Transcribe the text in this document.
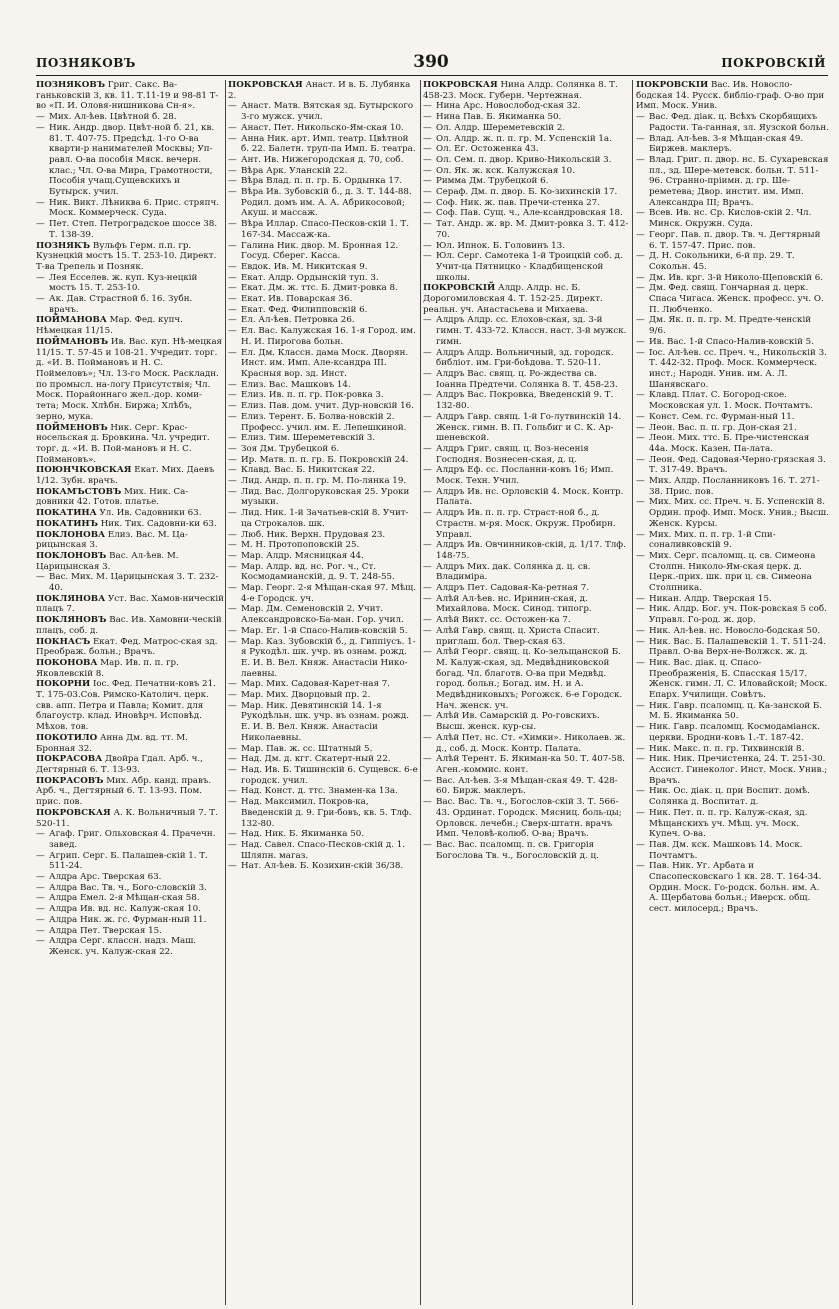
ПОЗНЯКОВЪ	390	ПОКРОВСКІЙ

ПОЗНЯКОВЪ Григ. Сакс. Ва-ганьковскій 3, кв. 11. Т.11-19 и 98-81 Т-во «П. И. Оловя-нишникова Сн-я».

— Мих. Ал-ѣев. Цвѣтной б. 28.

— Ник. Андр. двор. Цвѣт-ной б. 21, кв. 81. Т. 407-75. Предсѣд. 1-го О-ва кварти-р нанимателей Москвы; Уп-равл. О-ва пособія Мяск. вечерн. клас.; Чл. О-ва Мира, Грамотности, Пособія учащ.Сущевскихъ и Бутырск. учил.

— Ник. Викт. Лѣниква 6. Прис. стряпч. Моск. Коммерческ. Суда.

— Пет. Степ. Петроградское шоссе 38. Т. 138-39.

ПОЗНЯКЪ Вульфъ Герм. п.п. гр. Кузнецкій мостъ 15. Т. 253-10. Директ. Т-ва Трепель и Позняк.

— Лея Есселев. ж. куп. Куз-нецкій мостъ 15. Т. 253-10.

— Ак. Дав. Страстной б. 16. Зубн. врачъ.

ПОЙМАНОВА Мар. Фед. купч. Нѣмецкая 11/15.

ПОЙМАНОВЪ Ив. Вас. куп. Нѣ-мецкая 11/15. Т. 57-45 и 108-21. Учредит. торг. д. «И. В. Поймановъ и Н. С. Поймеловъ»; Чл. 13-го Моск. Раскладн. по промысл. на-логу Присутствія; Чл. Моск. Порайоннаго жел.-дор. коми-тета; Моск. Хлѣбн. Биржа; Хлѣбъ, зерно, мука.

ПОЙМЕНОВЪ Ник. Серг. Крас-носельская д. Бровкина. Чл. учредит. торг. д. «И. В. Пой-мановъ и Н. С. Поймановъ».

ПОЮНЧКОВСКАЯ Екат. Мих. Даевъ 1/12. Зубн. врачъ.

ПОКАМЪСТОВЪ Мих. Ник. Са-довники 42. Готов. платье.

ПОКАТИНА Ул. Ив. Садовники 63.

ПОКАТИНЪ Ник. Тих. Садовни-ки 63.

ПОКЛОНОВА Елиз. Вас. М. Ца-рицынская 3.

ПОКЛОНОВЪ Вас. Ал-ѣев. М. Царицынская 3.

— Вас. Мих. М. Царицынская 3. Т. 232-40.

ПОКЛЯНОВА Уст. Вас. Хамов-ническій плацъ 7.

ПОКЛЯНОВЪ Вас. Ив. Хамовни-ческій плацъ, соб. д.

ПОКНАСЪ Екат. Фед. Матрос-ская зд. Преображ. больн.; Врачъ.

ПОКОНОВА Мар. Ив. п. п. гр. Яковлевскій 8.

ПОКОРНИ Іос. Фед. Печатни-ковъ 21. Т. 175-03.Сов. Римско-Католич. церк. свв. апп. Петра и Павла; Комит. для благоустр. клад. Иновѣрч. Исповѣд. Мѣхов. тов.

ПОКОТИЛО Анна Дм. вд. тт. М. Бронная 32.

ПОКРАСОВА Двойра Гдал. Арб. ч., Дегтярный 6. Т. 13-93.

ПОКРАСОВЪ Мих. Абр. канд. правъ. Арб. ч., Дегтярный 6. Т. 13-93. Пом. прис. пов.

ПОКРОВСКАЯ А. К. Вольничный 7. Т. 520-11.

— Агаф. Григ. Ольховская 4. Прачечн. завед.

— Агрип. Серг. Б. Палашев-скій 1. Т. 511-24.

— Алдра Арс. Тверская 63.

— Алдра Вас. Тв. ч., Бого-словскій 3.

— Алдра Емел. 2-я Мѣщан-ская 58.

— Алдра Ив. вд. нс. Калуж-ская 10.

— Алдра Ник. ж. гс. Фурман-ный 11.

— Алдра Пет. Тверская 15.

— Алдра Серг. классн. надз. Маш. Женск. уч. Калуж-ская 22.

ПОКРОВСКАЯ Анаст. И в. Б. Лубянка 2.

— Анаст. Матв. Вятская зд. Бутырского 3-го мужск. учил.

— Анаст. Пет. Никольско-Ям-ская 10.

— Анна Ник. арт. Имп. театр. Цвѣтной б. 22. Балетн. труп-па Имп. Б. театра.

— Ант. Ив. Нижегородская д. 70, соб.

— Вѣра Арк. Уланскій 22.

— Вѣра Влад. п. п. гр. Б. Ордынка 17.

— Вѣра Ив. Зубовскій б., д. 3. Т. 144-88. Родил. домъ им. А. А. Абрикосовой; Акуш. и массаж.

— Вѣра Иллар. Спасо-Песков-скій 1. Т. 167-34. Массаж-ка.

— Галина Ник. двор. М. Бронная 12. Госуд. Сберег. Касса.

— Евдок. Ив. М. Никитская 9.

— Екат. Алдр. Ордынскій туп. 3.

— Екат. Дм. ж. ттс. Б. Дмит-ровка 8.

— Екат. Ив. Поварская 36.

— Екат. Фед. Филипповскій 6.

— Ел. Ал-ѣев. Петровка 26.

— Ел. Вас. Калужская 16. 1-я Город. им. Н. И. Пирогова больн.

— Ел. Дм. Классн. дама Моск. Дворян. Инст. им. Имп. Але-ксандра III. Красныя вор. зд. Инст.

— Елиз. Вас. Машковъ 14.

— Елиз. Ив. п. п. гр. Пок-ровка 3.

— Елиз. Пав. дом. учит. Дур-новскій 16.

— Елиз. Терент. Б. Болва-новскій 2. Професс. учил. им. Е. Лепешкиной.

— Елиз. Тим. Шереметевскій 3.

— Зоя Дм. Трубецкой 6.

— Ир. Матв. п. п. гр. Б. Покровскій 24.

— Клавд. Вас. Б. Никитская 22.

— Лид. Андр. п. п. гр. М. По-лянка 19.

— Лид. Вас. Долгоруковская 25. Уроки музыки.

— Лид. Ник. 1-й Зачатьев-скій 8. Учит-ца Строкалов. шк.

— Люб. Ник. Верхн. Прудовая 23.

— М. Н. Протопоповскій 25.

— Мар. Алдр. Мясницкая 44.

— Мар. Алдр. вд. нс. Рог. ч., Ст. Космодамианскій, д. 9. Т. 248-55.

— Мар. Георг. 2-я Мѣщан-ская 97. Мѣщ. 4-е Городск. уч.

— Мар. Дм. Семеновскій 2. Учит. Александровско-Ба-ман. Гор. учил.

— Мар. Ег. 1-й Спасо-Налив-ковскій 5.

— Мар. Каз. Зубовскій б., д. Гиппіусъ. 1-я Рукодѣл. шк. учр. въ ознам. рожд. Е. И. В. Вел. Княж. Анастасіи Нико-лаевны.

— Мар. Мих. Садовая-Карет-ная 7.

— Мар. Мих. Дворцовый пр. 2.

— Мар. Ник. Девятинскій 14. 1-я Рукодѣльн. шк. учр. въ ознам. рожд. Е. И. В. Вел. Княж. Анастасіи Николаевны.

— Мар. Пав. ж. сс. Штатный 5.

— Над. Дм. д. кгг. Скатерт-ный 22.

— Над. Ив. Б. Тишинскій 6. Сущевск. 6-е городск. учил.

— Над. Конст. д. ттс. Знамен-ка 13а.

— Над. Максимил. Покров-ка, Введенскій д. 9. Гри-бовъ, кв. 5. Тлф. 132-80.

— Над. Ник. Б. Якиманка 50.

— Над. Савел. Спасо-Песков-скій д. 1. Шляпн. магаз.

— Нат. Ал-ѣев. Б. Козихин-скій 36/38.

ПОКРОВСКАЯ Нина Алдр. Солянка 8. Т. 458-23. Моск. Губерн. Чертежная.

— Нина Арс. Новослобод-ская 32.

— Нина Пав. Б. Якиманка 50.

— Ол. Алдр. Шереметевскій 2.

— Ол. Алдр. ж. п. п. гр. М. Успенскій 1а.

— Ол. Ег. Остоженка 43.

— Ол. Сем. п. двор. Криво-Никольскій 3.

— Ол. Як. ж. кск. Калужская 10.

— Римма Дм. Трубецкой 6.

— Сераф. Дм. п. двор. Б. Ко-зихинскій 17.

— Соф. Ник. ж. пав. Пречи-стенка 27.

— Соф. Пав. Сущ. ч., Але-ксандровская 18.

— Тат. Андр. ж. вр. М. Дмит-ровка 3. Т. 412-70.

— Юл. Ипнок. Б. Головинъ 13.

— Юл. Серг. Самотека 1-й Троицкій соб. д. Учит-ца Пятницко - Кладбищенской школы.

ПОКРОВСКІЙ Алдр. Алдр. нс. Б. Дорогомиловская 4. Т. 152-25. Директ. реальн. уч. Анастасьева и Михаева.

— Алдръ Алдр. сс. Елохов-ская, зд. 3-й гимн. Т. 433-72. Классн. наст. 3-й мужск. гимн.

— Алдръ Алдр. Вольничный, зд. городск. библіот. им. Гри-боѣдова. Т. 520-11.

— Алдръ Вас. свящ. ц. Ро-ждества св. Іоанна Предтечи. Солянка 8. Т. 458-23.

— Алдръ Вас. Покровка, Введенскій 9. Т. 132-80.

— Алдръ Гавр. свящ. 1-й Го-лутвинскій 14. Женск. гимн. В. П. Гольбиг и С. К. Ар-шеневской.

— Алдръ Григ. свящ. ц. Воз-несенія Господня. Вознесен-ская, д. ц.

— Алдръ Еф. сс. Посланни-ковъ 16; Имп. Моск. Техн. Учил.

— Алдръ Ив. нс. Орловскій 4. Моск. Контр. Палата.

— Алдръ Ив. п. п. гр. Страст-ной б., д. Страстн. м-ря. Моск. Окруж. Пробирн. Управл.

— Алдръ Ив. Овчинников-скій, д. 1/17. Тлф. 148-75.

— Алдръ Мих. дак. Солянка д. ц. св. Владиміра.

— Алдръ Пет. Садовая-Ка-ретная 7.

— Алѣй Ал-ѣев. нс. Иринин-ская, д. Михайлова. Моск. Синод. типогр.

— Алѣй Викт. сс. Остожен-ка 7.

— Алѣй Гавр. свящ. ц. Христа Спасит. приглаш. бол. Твер-ская 63.

— Алѣй Георг. свящ. ц. Ко-зельщанской Б. М. Калуж-ская, зд. Медвѣдниковской богад. Чл. благотв. О-ва при Медвѣд. город. больн.; Богад. им. Н. и А. Медвѣдниковыхъ; Рогожск. 6-е Городск. Нач. женск. уч.

— Алѣй Ив. Самарскій д. Ро-говскихъ. Высш. женск. кур-сы.

— Алѣй Пет. нс. Ст. «Химки». Николаев. ж. д., соб. д. Моск. Контр. Палата.

— Алѣй Терент. Б. Якиман-ка 50. Т. 407-58. Аген.-коммис. конт.

— Вас. Ал-ѣев. 3-я Мѣщан-ская 49. Т. 428-60. Бирж. маклеръ.

— Вас. Вас. Тв. ч., Богослов-скій 3. Т. 566-43. Ординат. Городск. Мясниц. боль-цы; Орловск. лечебн.; Сверх-штатн. врачъ Имп. Человѣ-колюб. О-ва; Врачъ.

— Вас. Вас. псаломщ. п. св. Григорія Богослова Тв. ч., Богословскій д. ц.

ПОКРОВСКІЙ Вас. Ив. Новосло-бодская 14. Русск. библіо-граф. О-во при Имп. Моск. Унив.

— Вас. Фед. діак. ц. Всѣхъ Скорбящихъ Радости. Та-ганная, зл. Яузской больн.

— Влад. Ал-ѣев. 3-я Мѣщан-ская 49. Биржев. маклеръ.

— Влад. Григ. п. двор. нс. Б. Сухаревская пл., зд. Шере-метевск. больн. Т. 511-96. Странно-пріимн. д. гр. Ше-реметева; Двор. инстит. им. Имп. Александра III; Врачъ.

— Всев. Ив. нс. Ср. Кислов-скій 2. Чл. Минск. Окружн. Суда.

— Георг. Пав. п. двор. Тв. ч. Дегтярный 6. Т. 157-47. Прис. пов.

— Д. Н. Сокольники, 6-й пр. 29. Т. Сокольн. 45.

— Дм. Ив. крг. 3-й Николо-Щеповскій 6.

— Дм. Фед. свящ. Гончарная д. церк. Спаса Чигаса. Женск. професс. уч. О. П. Любченко.

— Дм. Як. п. п. гр. М. Предте-ченскій 9/6.

— Ив. Вас. 1-й Спасо-Налив-ковскій 5.

— Іос. Ал-ѣев. сс. Преч. ч., Никольскій 3. Т. 442-32. Проф. Моск. Коммерческ. инст.; Народн. Унив. им. А. Л. Шанявскаго.

— Клавд. Плат. С. Богород-ское. Московская ул. 1. Моск. Почтамтъ.

— Конст. Сем. гс. Фурман-ный 11.

— Леон. Вас. п. п. гр. Дон-ская 21.

— Леон. Мих. ттс. Б. Пре-чистенская 44а. Моск. Казен. Па-лата.

— Леон. Фед. Садовая-Черно-грязская 3. Т. 317-49. Врачъ.

— Мих. Алдр. Посланниковъ 16. Т. 271-38. Прис. пов.

— Мих. Мих. сс. Преч. ч. Б. Успенскій 8. Ордин. проф. Имп. Моск. Унив.; Высш. Женск. Курсы.

— Мих. Мих. п. п. гр. 1-й Спи-соналивковскій 9.

— Мих. Серг. псаломщ. ц. св. Симеона Столпн. Николо-Ям-ская церк. д. Церк.-прих. шк. при ц. св. Симеона Столпника.

— Никан. Алдр. Тверская 15.

— Ник. Алдр. Бог. уч. Пок-ровская 5 соб. Управл. Го-род. ж. дор.

— Ник. Ал-ѣев. нс. Новосло-бодская 50.

— Ник. Вас. Б. Палашевскій 1. Т. 511-24. Правл. О-ва Верх-не-Волжск. ж. д.

— Ник. Вас. діак. ц. Спасо-Преображенія, Б. Спасская 15/17. Женск. гимн. Л. С. Иловайской; Моск. Епарх. Училищн. Совѣтъ.

— Ник. Гавр. псаломщ. ц. Ка-занской Б. М. Б. Якиманка 50.

— Ник. Гавр. псаломщ. Космодаміанск. церкви. Бродни-ковъ 1.-Т. 187-42.

— Ник. Макс. п. п. гр. Тихвинскій 8.

— Ник. Ник. Пречистенка, 24. Т. 251-30. Ассист. Гинеколог. Инст. Моск. Унив.; Врачъ.

— Ник. Ос. діак. ц. при Воспит. домѣ. Солянка д. Воспитат. д.

— Ник. Пет. п. п. гр. Калуж-ская, зд. Мѣщанскихъ уч. Мѣщ. уч. Моск. Купеч. О-ва.

— Пав. Дм. кск. Машковъ 14. Моск. Почтамтъ.

— Пав. Ник. Уг. Арбата и Спасопесковскаго 1 кв. 28. Т. 164-34. Ордин. Моск. Го-родск. больн. им. А. А. Щербатова больн.; Иверск. общ. сест. милосерд.; Врачъ.
